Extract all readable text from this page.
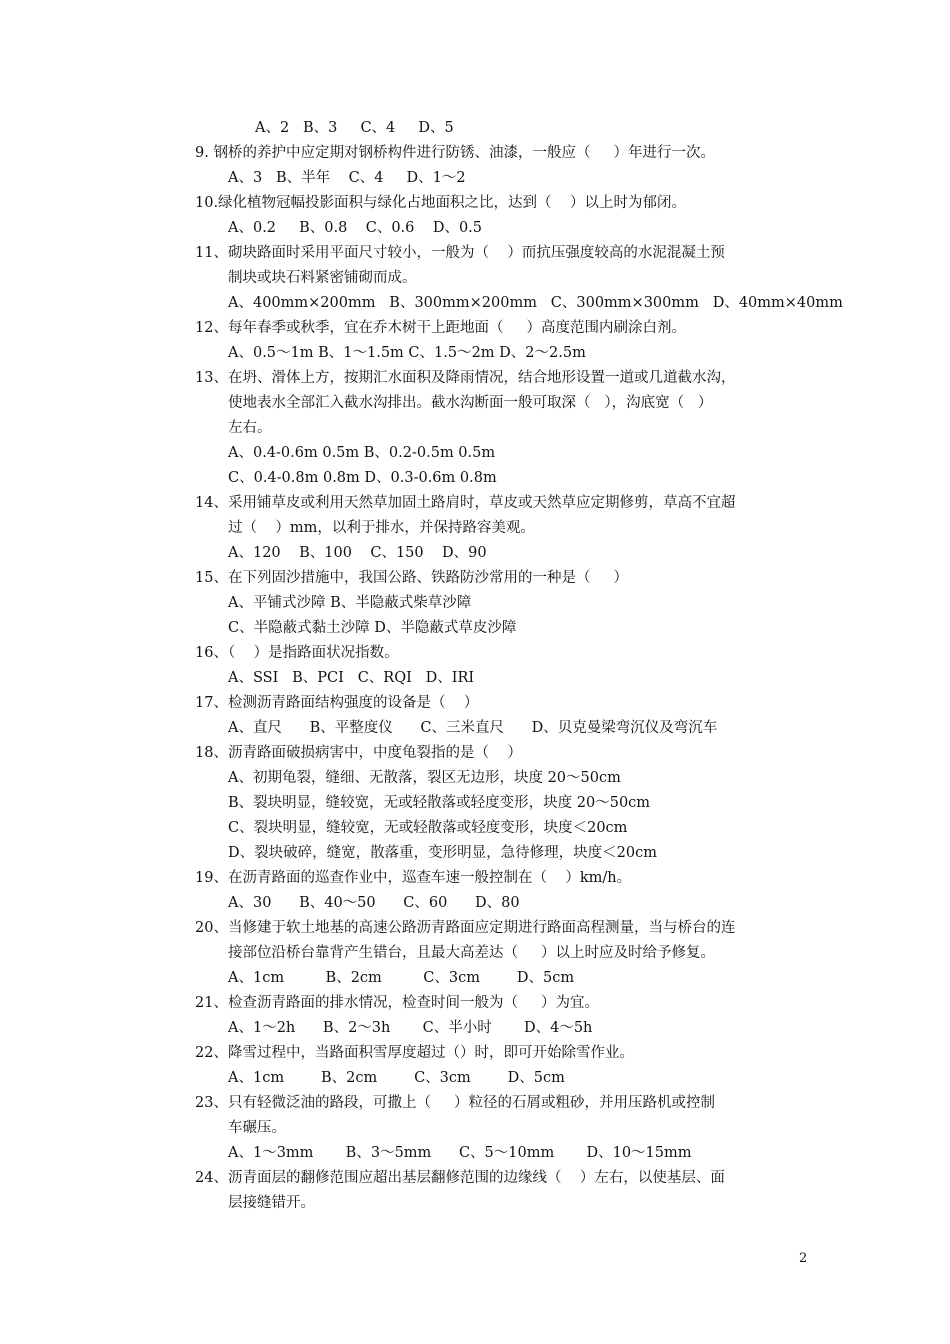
A、2   B、3     C、4     D、5
9. 钢桥的养护中应定期对钢桥构件进行防锈、油漆，一般应（     ）年进行一次。
A、3   B、半年    C、4     D、1～2
10.绿化植物冠幅投影面积与绿化占地面积之比，达到（    ）以上时为郁闭。
A、0.2     B、0.8    C、0.6    D、0.5
11、砌块路面时采用平面尺寸较小，一般为（    ）而抗压强度较高的水泥混凝土预
制块或块石料紧密铺砌而成。
A、400mm×200mm   B、300mm×200mm   C、300mm×300mm   D、40mm×40mm
12、每年春季或秋季，宜在乔木树干上距地面（     ）高度范围内刷涂白剂。
A、0.5～1m B、1～1.5m C、1.5～2m D、2～2.5m
13、在坍、滑体上方，按期汇水面积及降雨情况，结合地形设置一道或几道截水沟，
使地表水全部汇入截水沟排出。截水沟断面一般可取深（   ），沟底宽（   ）
左右。
A、0.4-0.6m 0.5m B、0.2-0.5m 0.5m
C、0.4-0.8m 0.8m D、0.3-0.6m 0.8m
14、采用铺草皮或利用天然草加固土路肩时，草皮或天然草应定期修剪，草高不宜超
过（    ）mm，以利于排水，并保持路容美观。
A、120    B、100    C、150    D、90
15、在下列固沙措施中，我国公路、铁路防沙常用的一种是（     ）
A、平铺式沙障 B、半隐蔽式柴草沙障
C、半隐蔽式黏土沙障 D、半隐蔽式草皮沙障
16、（    ）是指路面状况指数。
A、SSI   B、PCI   C、RQI   D、IRI
17、检测沥青路面结构强度的设备是（    ）
A、直尺      B、平整度仪      C、三米直尺      D、贝克曼梁弯沉仪及弯沉车
18、沥青路面破损病害中，中度龟裂指的是（    ）
A、初期龟裂，缝细、无散落，裂区无边形，块度 20～50cm
B、裂块明显，缝较宽，无或轻散落或轻度变形，块度 20～50cm
C、裂块明显，缝较宽，无或轻散落或轻度变形，块度＜20cm
D、裂块破碎，缝宽，散落重，变形明显，急待修理，块度＜20cm
19、在沥青路面的巡查作业中，巡查车速一般控制在（    ）km/h。
A、30      B、40～50      C、60      D、80
20、当修建于软土地基的高速公路沥青路面应定期进行路面高程测量，当与桥台的连
接部位沿桥台靠背产生错台，且最大高差达（     ）以上时应及时给予修复。
A、1cm         B、2cm         C、3cm        D、5cm
21、检查沥青路面的排水情况，检查时间一般为（     ）为宜。
A、1～2h      B、2～3h       C、半小时       D、4～5h
22、降雪过程中，当路面积雪厚度超过（）时，即可开始除雪作业。
A、1cm        B、2cm        C、3cm        D、5cm
23、只有轻微泛油的路段，可撒上（     ）粒径的石屑或粗砂，并用压路机或控制
车碾压。
A、1～3mm       B、3～5mm      C、5～10mm       D、10～15mm
24、沥青面层的翻修范围应超出基层翻修范围的边缘线（    ）左右，以使基层、面
层接缝错开。
2
